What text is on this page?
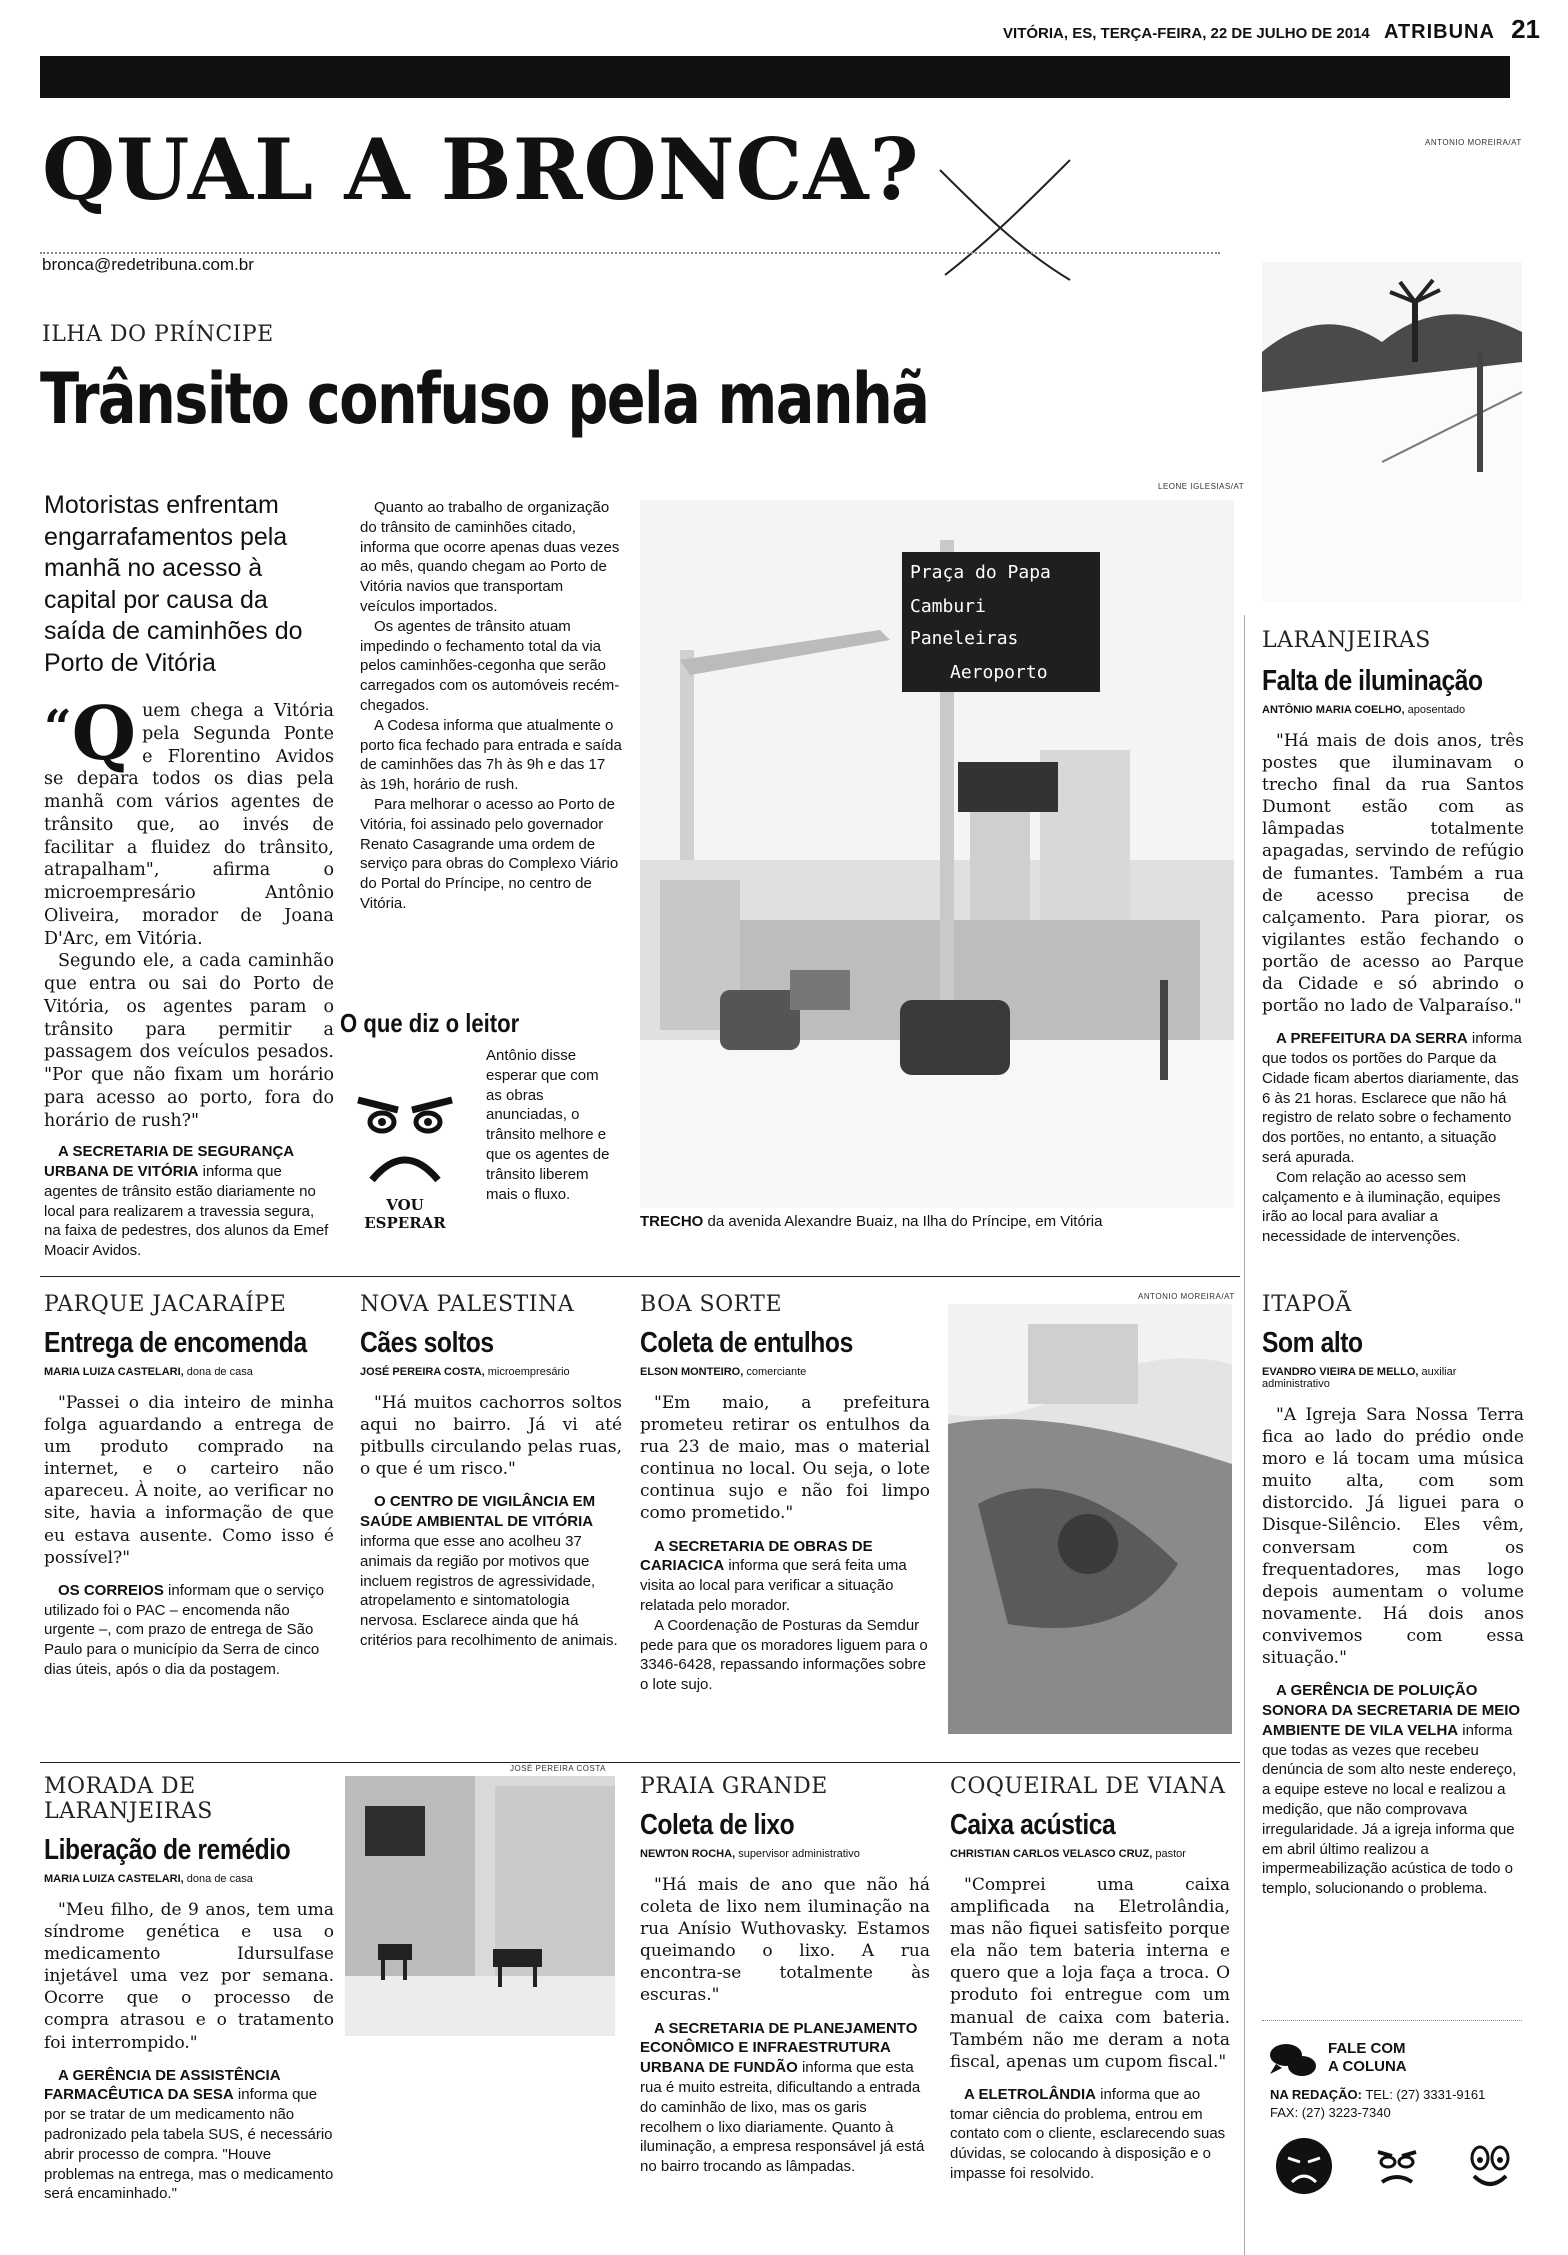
VITÓRIA, ES, TERÇA-FEIRA, 22 DE JULHO DE 2014 ATRIBUNA 21
QUAL A BRONCA?	ANTONIO MOREIRA/AT
bronca@redetribuna.com.br
ILHA DO PRÍNCIPE
Trânsito confuso pela manhã
LEONE IGLESIAS/AT
Motoristas enfrentam engarrafamentos pela manhã no acesso à capital por causa da saída de caminhões do Porto de Vitória
“ Q uem chega a Vitória pela Segunda Ponte e Florentino Avidos se depara todos os dias pela manhã com vários agentes de trânsito que, ao invés de facilitar a fluidez do trânsito, atrapalham", afirma o microempresário Antônio Oliveira, morador de Joana D'Arc, em Vitória.

Segundo ele, a cada caminhão que entra ou sai do Porto de Vitória, os agentes param o trânsito para permitir a passagem dos veículos pesados. "Por que não fixam um horário para acesso ao porto, fora do horário de rush?"

A SECRETARIA DE SEGURANÇA URBANA DE VITÓRIA informa que agentes de trânsito estão diariamente no local para realizarem a travessia segura, na faixa de pedestres, dos alunos da Emef Moacir Avidos.

Quanto ao trabalho de organização do trânsito de caminhões citado, informa que ocorre apenas duas vezes ao mês, quando chegam ao Porto de Vitória navios que transportam veículos importados.

Os agentes de trânsito atuam impedindo o fechamento total da via pelos caminhões-cegonha que serão carregados com os automóveis recém-chegados.

A Codesa informa que atualmente o porto fica fechado para entrada e saída de caminhões das 7h às 9h e das 17 às 19h, horário de rush.

Para melhorar o acesso ao Porto de Vitória, foi assinado pelo governador Renato Casagrande uma ordem de serviço para obras do Complexo Viário do Portal do Príncipe, no centro de Vitória.

O que diz o leitor
VOU ESPERAR
Antônio disse esperar que com as obras anunciadas, o trânsito melhore e que os agentes de trânsito liberem mais o fluxo.
Praça do Papa
Camburi
Paneleiras
Aeroporto
TRECHO da avenida Alexandre Buaiz, na Ilha do Príncipe, em Vitória
LARANJEIRAS
Falta de iluminação
ANTÔNIO MARIA COELHO, aposentado

"Há mais de dois anos, três postes que iluminavam o trecho final da rua Santos Dumont estão com as lâmpadas totalmente apagadas, servindo de refúgio de fumantes. Também a rua de acesso precisa de calçamento. Para piorar, os vigilantes estão fechando o portão de acesso ao Parque da Cidade e só abrindo o portão no lado de Valparaíso."

A PREFEITURA DA SERRA informa que todos os portões do Parque da Cidade ficam abertos diariamente, das 6 às 21 horas. Esclarece que não há registro de relato sobre o fechamento dos portões, no entanto, a situação será apurada.

Com relação ao acesso sem calçamento e à iluminação, equipes irão ao local para avaliar a necessidade de intervenções.

PARQUE JACARAÍPE
Entrega de encomenda
MARIA LUIZA CASTELARI, dona de casa

"Passei o dia inteiro de minha folga aguardando a entrega de um produto comprado na internet, e o carteiro não apareceu. À noite, ao verificar no site, havia a informação de que eu estava ausente. Como isso é possível?"

OS CORREIOS informam que o serviço utilizado foi o PAC – encomenda não urgente –, com prazo de entrega de São Paulo para o município da Serra de cinco dias úteis, após o dia da postagem.

NOVA PALESTINA
Cães soltos
JOSÉ PEREIRA COSTA, microempresário

"Há muitos cachorros soltos aqui no bairro. Já vi até pitbulls circulando pelas ruas, o que é um risco."

O CENTRO DE VIGILÂNCIA EM SAÚDE AMBIENTAL DE VITÓRIA informa que esse ano acolheu 37 animais da região por motivos que incluem registros de agressividade, atropelamento e sintomatologia nervosa. Esclarece ainda que há critérios para recolhimento de animais.

BOA SORTE
Coleta de entulhos
ELSON MONTEIRO, comerciante

"Em maio, a prefeitura prometeu retirar os entulhos da rua 23 de maio, mas o material continua no local. Ou seja, o lote continua sujo e não foi limpo como prometido."

A SECRETARIA DE OBRAS DE CARIACICA informa que será feita uma visita ao local para verificar a situação relatada pelo morador.

A Coordenação de Posturas da Semdur pede para que os moradores liguem para o 3346-6428, repassando informações sobre o lote sujo.

ANTONIO MOREIRA/AT ITAPOÃ
Som alto
EVANDRO VIEIRA DE MELLO, auxiliar administrativo

"A Igreja Sara Nossa Terra fica ao lado do prédio onde moro e lá tocam uma música muito alta, com som distorcido. Já liguei para o Disque-Silêncio. Eles vêm, conversam com os frequentadores, mas logo depois aumentam o volume novamente. Há dois anos convivemos com essa situação."

A GERÊNCIA DE POLUIÇÃO SONORA DA SECRETARIA DE MEIO AMBIENTE DE VILA VELHA informa que todas as vezes que recebeu denúncia de som alto neste endereço, a equipe esteve no local e realizou a medição, que não comprovava irregularidade. Já a igreja informa que em abril último realizou a impermeabilização acústica de todo o templo, solucionando o problema.

MORADA DE LARANJEIRAS
Liberação de remédio
MARIA LUIZA CASTELARI, dona de casa

"Meu filho, de 9 anos, tem uma síndrome genética e usa o medicamento Idursulfase injetável uma vez por semana. Ocorre que o processo de compra atrasou e o tratamento foi interrompido."

A GERÊNCIA DE ASSISTÊNCIA FARMACÊUTICA DA SESA informa que por se tratar de um medicamento não padronizado pela tabela SUS, é necessário abrir processo de compra. "Houve problemas na entrega, mas o medicamento será encaminhado."

JOSÉ PEREIRA COSTA
PRAIA GRANDE
Coleta de lixo
NEWTON ROCHA, supervisor administrativo

"Há mais de ano que não há coleta de lixo nem iluminação na rua Anísio Wuthovasky. Estamos queimando o lixo. A rua encontra-se totalmente às escuras."

A SECRETARIA DE PLANEJAMENTO ECONÔMICO E INFRAESTRUTURA URBANA DE FUNDÃO informa que esta rua é muito estreita, dificultando a entrada do caminhão de lixo, mas os garis recolhem o lixo diariamente. Quanto à iluminação, a empresa responsável já está no bairro trocando as lâmpadas.

COQUEIRAL DE VIANA
Caixa acústica
CHRISTIAN CARLOS VELASCO CRUZ, pastor

"Comprei uma caixa amplificada na Eletrolândia, mas não fiquei satisfeito porque ela não tem bateria interna e quero que a loja faça a troca. O produto foi entregue com um manual de caixa com bateria. Também não me deram a nota fiscal, apenas um cupom fiscal."

A ELETROLÂNDIA informa que ao tomar ciência do problema, entrou em contato com o cliente, esclarecendo suas dúvidas, se colocando à disposição e o impasse foi resolvido.

FALE COM
A COLUNA
NA REDAÇÃO: TEL: (27) 3331-9161
FAX: (27) 3223-7340
